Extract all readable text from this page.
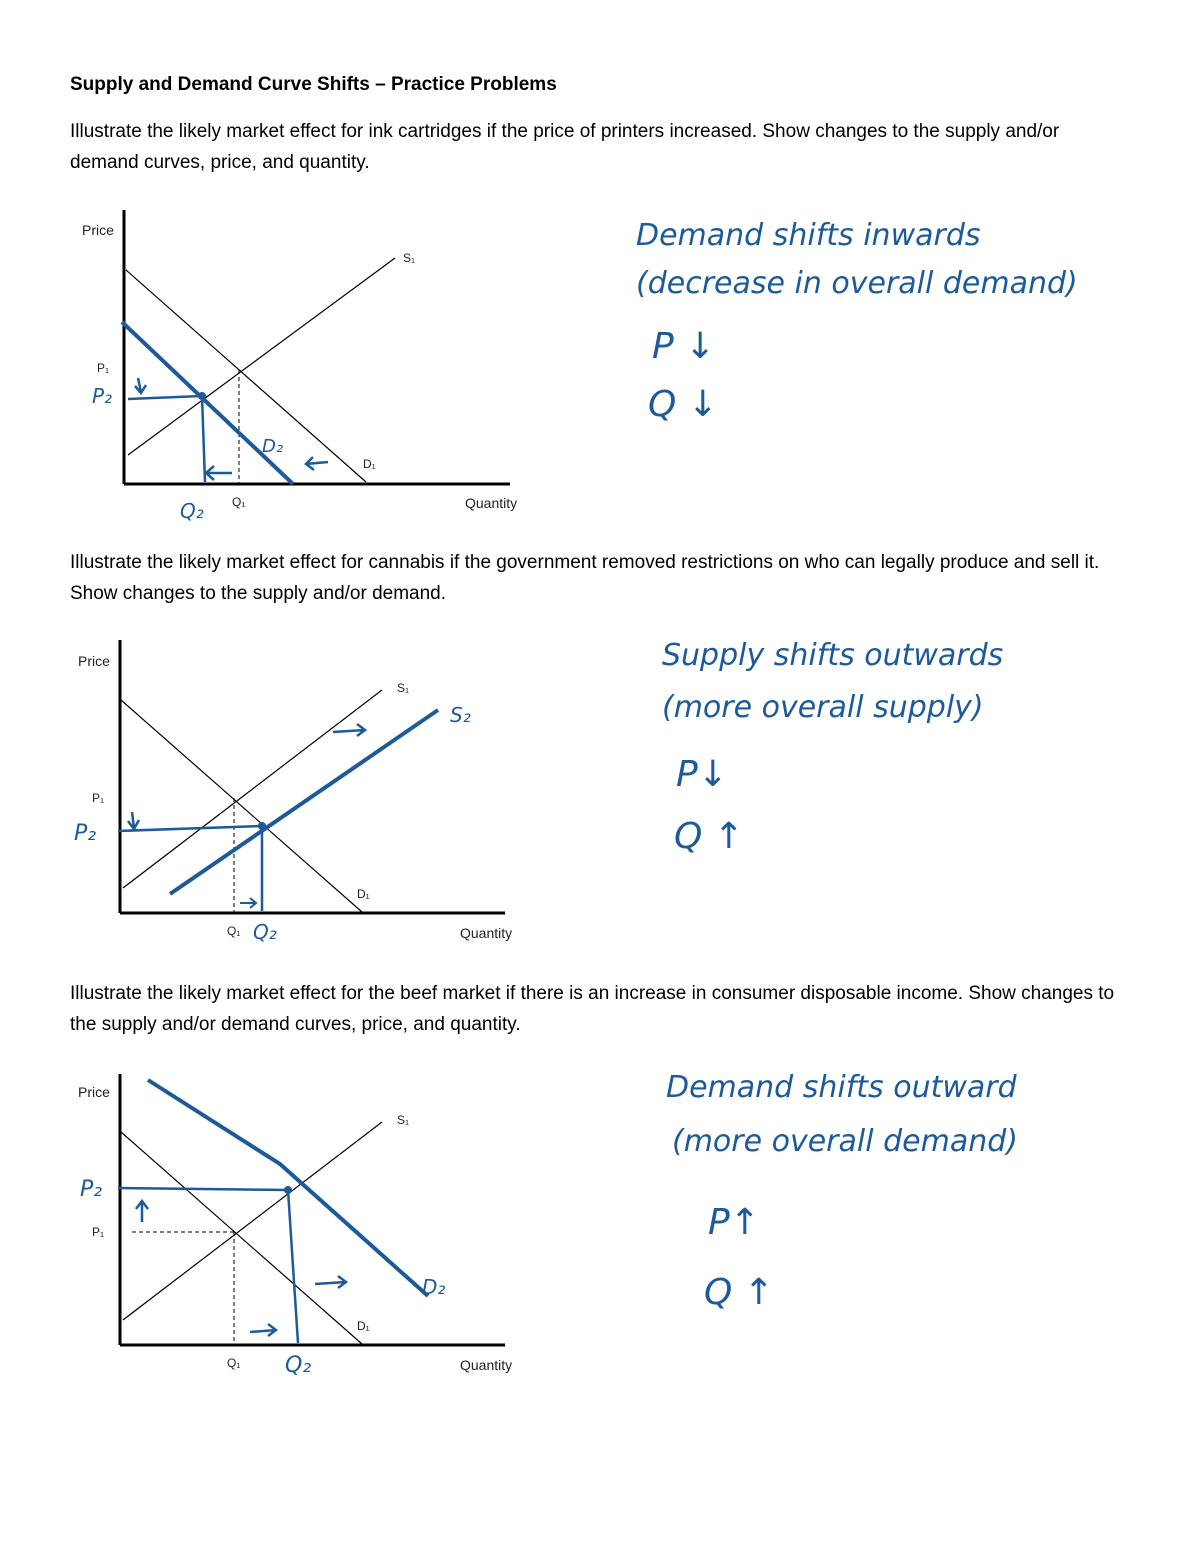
Supply and Demand Curve Shifts – Practice Problems
Illustrate the likely market effect for ink cartridges if the price of printers increased. Show changes to the supply and/or demand curves, price, and quantity.
Price
Quantity
S₁
D₁
P₁
Q₁
P₂
Q₂
D₂
Demand shifts inwards
(decrease in overall demand)
P ↓
Q ↓
Illustrate the likely market effect for cannabis if the government removed restrictions on who can legally produce and sell it. Show changes to the supply and/or demand.
Price
Quantity
S₁
D₁
P₁
Q₁
P₂
Q₂
S₂
Supply shifts outwards
(more overall supply)
P↓
Q ↑
Illustrate the likely market effect for the beef market if there is an increase in consumer disposable income. Show changes to the supply and/or demand curves, price, and quantity.
Price
Quantity
S₁
D₁
P₁
Q₁
P₂
Q₂
D₂
Demand shifts outward
(more overall demand)
P↑
Q ↑
